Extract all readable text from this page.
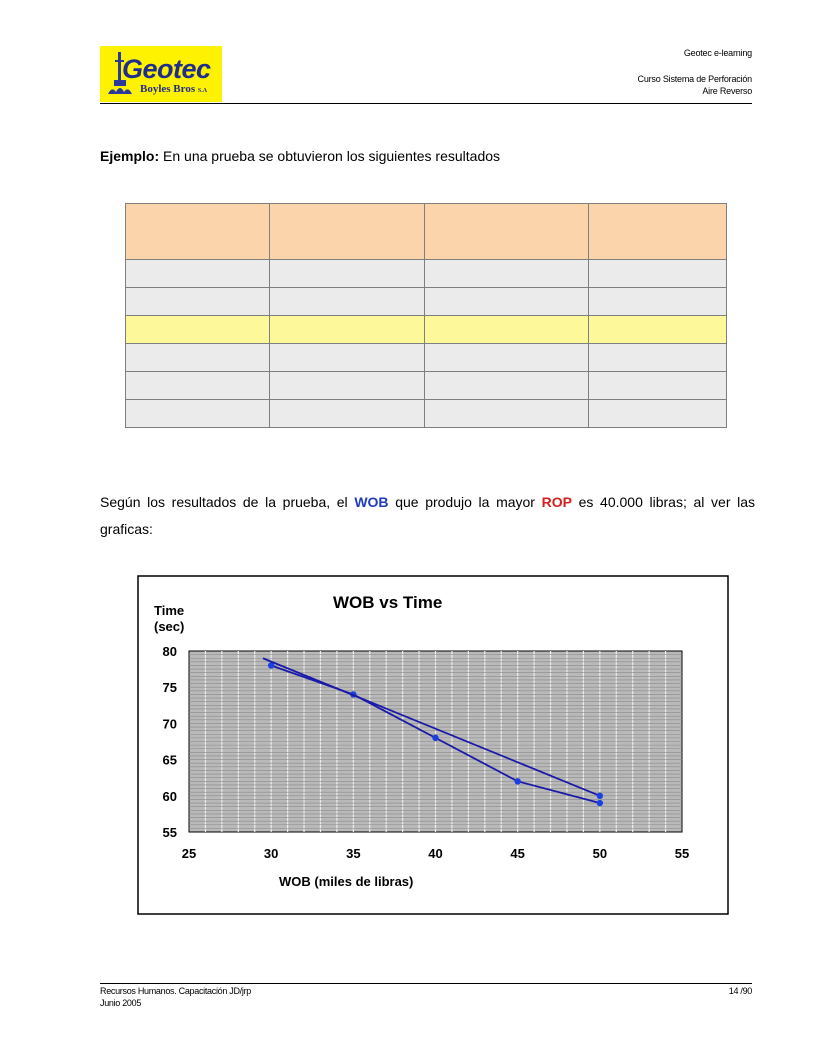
Geotec
Boyles Bros S.A
Geotec e-learning
Curso Sistema de Perforación
Aire Reverso
Ejemplo: En una prueba se obtuvieron los siguientes resultados

Según los resultados de la prueba, el WOB que produjo la mayor ROP es 40.000 libras; al ver las graficas:
WOB vs Time
Time
(sec)
80
75
70
65
60
55
25	30	35	40	45	50	55
WOB (miles de libras)
Recursos Humanos. Capacitación JD/jrp
Junio 2005
14 /90
